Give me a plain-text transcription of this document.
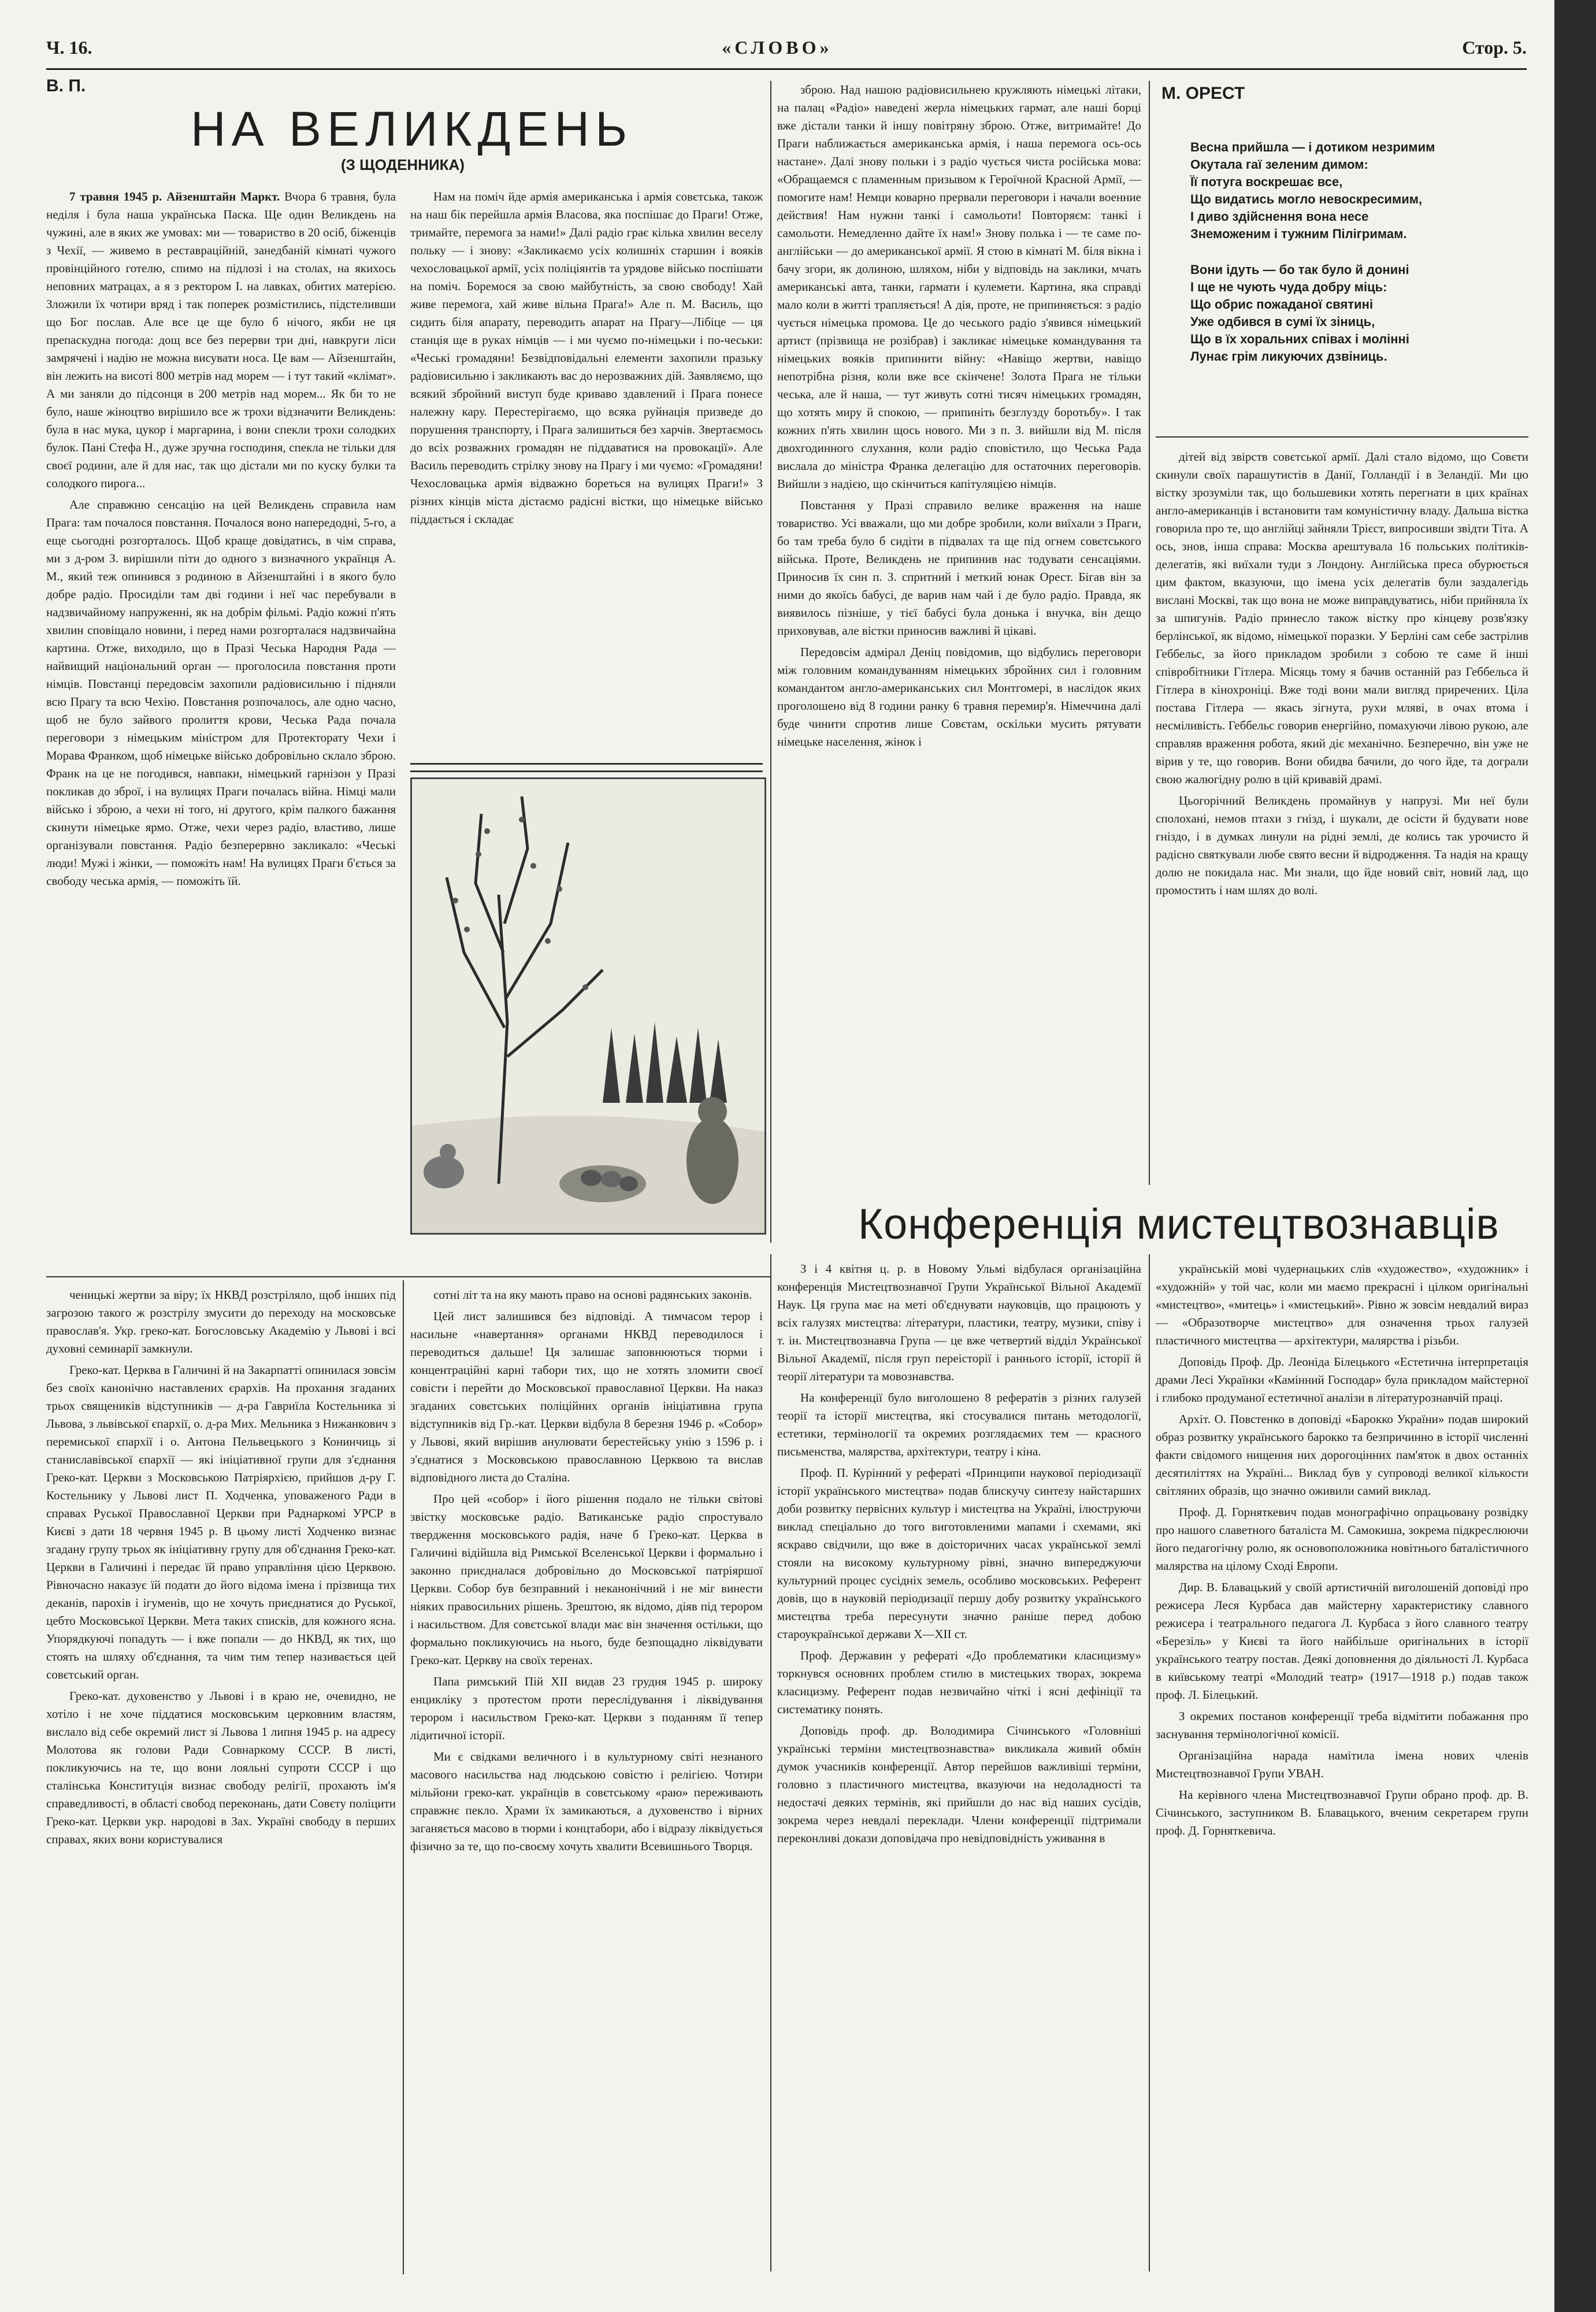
Ч. 16.	«СЛОВО»	Стор. 5.
В. П.
НА ВЕЛИКДЕНЬ
(З ЩОДЕННИКА)

7 травня 1945 р. Айзенштайн Маркт. Вчора 6 травня, була неділя і була наша українська Паска. Ще один Великдень на чужині, але в яких же умовах: ми — товариство в 20 осіб, біженців з Чехії, — живемо в реставраційній, занедбаній кімнаті чужого провінційного готелю, спимо на підлозі і на столах, на якихось неповних матрацах, а я з ректором І. на лавках, обитих матерією. Зложили їх чотири вряд і так поперек розмістились, підстеливши що Бог послав. Але все це ще було б нічого, якби не ця препаскудна погода: дощ все без перерви три дні, навкруги ліси замрячені і надію не можна висувати носа. Це вам — Айзенштайн, він лежить на висоті 800 метрів над морем — і тут такий «клімат». А ми заняли до підсонця в 200 метрів над морем... Як би то не було, наше жіноцтво вирішило все ж трохи відзначити Великдень: була в нас мука, цукор і маргарина, і вони спекли трохи солодких булок. Пані Стефа Н., дуже зручна господиня, спекла не тільки для своєї родини, але й для нас, так що дістали ми по куску булки та солодкого пирога...

Але справжню сенсацію на цей Великдень справила нам Прага: там почалося повстання. Почалося воно напередодні, 5-го, а еще сьогодні розгорталось. Щоб краще довідатись, в чім справа, ми з д-ром З. вирішили піти до одного з визначного українця А. М., який теж опинився з родиною в Айзенштайні і в якого було добре радіо. Просиділи там дві години і неї час перебували в надзвичайному напруженні, як на добрім фільмі. Радіо кожні п'ять хвилин сповіщало новини, і перед нами розгорталася надзвичайна картина. Отже, виходило, що в Празі Чеська Народня Рада — найвищий національний орган — проголосила повстання проти німців. Повстанці передовсім захопили радіовисильню і підняли всю Прагу та всю Чехію. Повстання розпочалось, але одно часно, щоб не було зайвого пролиття крови, Чеська Рада почала переговори з німецьким міністром для Протекторату Чехи і Морава Франком, щоб німецьке військо добровільно склало зброю. Франк на це не погодився, навпаки, німецький гарнізон у Празі покликав до зброї, і на вулицях Праги почалась війна. Німці мали військо і зброю, а чехи ні того, ні другого, крім палкого бажання скинути німецьке ярмо. Отже, чехи через радіо, властиво, лише організували повстання. Радіо безперервно закликало: «Чеські люди! Мужі і жінки, — поможіть нам! На вулицях Праги б'ється за свободу чеська армія, — поможіть їй.

Нам на поміч йде армія американська і армія совєтська, також на наш бік перейшла армія Власова, яка поспішає до Праги! Отже, тримайте, перемога за нами!» Далі радіо грає кілька хвилин веселу польку — і знову: «Закликаємо усіх колишніх старшин і вояків чехословацької армії, усіх поліціянтів та урядове військо поспішати на поміч. Боремося за свою майбутність, за свою свободу! Хай живе перемога, хай живе вільна Прага!» Але п. М. Василь, що сидить біля апарату, переводить апарат на Прагу—Лібіце — ця станція ще в руках німців — і ми чуємо по-німецьки і по-чеськи: «Чеські громадяни! Безвідповідальні елементи захопили празьку радіовисильню і закликають вас до нерозважних дій. Заявляємо, що всякий збройний виступ буде криваво здавлений і Прага понесе належну кару. Перестерігаємо, що всяка руйнація призведе до порушення транспорту, і Прага залишиться без харчів. Звертаємось до всіх розважних громадян не піддаватися на провокації». Але Василь переводить стрілку знову на Прагу і ми чуємо: «Громадяни! Чехословацька армія відважно бореться на вулицях Праги!» З різних кінців міста дістаємо радісні вістки, що німецьке військо піддається і складає

зброю. Над нашою радіовисильнею кружляють німецькі літаки, на палац «Радіо» наведені жерла німецьких гармат, але наші борці вже дістали танки й іншу повітряну зброю. Отже, витримайте! До Праги наближається американська армія, і наша перемога ось-ось настане». Далі знову польки і з радіо чується чиста російська мова: «Обращаемся с пламенным призывом к Героїчной Красной Армії, — помогите нам! Немци коварно прервали переговори і начали военние действия! Нам нужни танкі і самольоти! Повторяєм: танкі і самольоти. Немедленно дайте їх нам!» Знову полька і — те саме по-англійськи — до американської армії. Я стою в кімнаті М. біля вікна і бачу згори, як долиною, шляхом, ніби у відповідь на заклики, мчать американські авта, танки, гармати і кулемети. Картина, яка справді мало коли в житті трапляється! А дія, проте, не припиняється: з радіо чується німецька промова. Це до чеського радіо з'явився німецький артист (прізвища не розібрав) і закликає німецьке командування та німецьких вояків припинити війну: «Навіщо жертви, навіщо непотрібна різня, коли вже все скінчене! Золота Прага не тільки чеська, але й наша, — тут живуть сотні тисяч німецьких громадян, що хотять миру й спокою, — припиніть безглузду боротьбу». І так кожних п'ять хвилин щось нового. Ми з п. З. вийшли від М. після двохгодинного слухання, коли радіо сповістило, що Чеська Рада вислала до міністра Франка делегацію для остаточних переговорів. Вийшли з надією, що скінчиться капітуляцією німців.

Повстання у Празі справило велике враження на наше товариство. Усі вважали, що ми добре зробили, коли виїхали з Праги, бо там треба було б сидіти в підвалах та ще під огнем совєтського війська. Проте, Великдень не припинив нас тодувати сенсаціями. Приносив їх син п. З. спритний і меткий юнак Орест. Бігав він за ними до якоїсь бабусі, де варив нам чай і де було радіо. Правда, як виявилось пізніше, у тієї бабусі була донька і внучка, він дещо приховував, але вістки приносив важливі й цікаві.

Передовсім адмірал Деніц повідомив, що відбулись переговори між головним командуванням німецьких збройних сил і головним командантом англо-американських сил Монтгомері, в наслідок яких проголошено від 8 години ранку 6 травня перемир'я. Німеччина далі буде чинити спротив лише Совєтам, оскільки мусить рятувати німецьке населення, жінок і

М. ОРЕСТ
Весна прийшла — і дотиком незримим
Окутала гаї зеленим димом:
Її потуга воскрешає все,
Що видатись могло невоскресимим,
І диво здійснення вона несе
Знеможеним і тужним Пілігримам.
Вони ідуть — бо так було й донині
І ще не чують чуда добру міць:
Що обрис пожаданої святині
Уже одбився в сумі їх зіниць,
Що в їх хоральних співах і молінні
Лунає грім ликуючих дзвіниць.

дітей від звірств совєтської армії. Далі стало відомо, що Совєти скинули своїх парашутистів в Данії, Голландії і в Зеландії. Ми цю вістку зрозуміли так, що большевики хотять перегнати в цих країнах англо-американців і встановити там комуністичну владу. Дальша вістка говорила про те, що англійці зайняли Трієст, випросивши звідти Тіта. А ось, знов, інша справа: Москва арештувала 16 польських політиків-делегатів, які виїхали туди з Лондону. Англійська преса обурюється цим фактом, вказуючи, що імена усіх делегатів були заздалегідь вислані Москві, так що вона не може виправдуватись, ніби прийняла їх за шпигунів. Радіо принесло також вістку про кінцеву розв'язку берлінської, як відомо, німецької поразки. У Берліні сам себе застрілив Геббельс, за його прикладом зробили з собою те саме й інші співробітники Гітлера. Місяць тому я бачив останній раз Геббельса й Гітлера в кінохроніці. Вже тоді вони мали вигляд приречених. Ціла постава Гітлера — якась зігнута, рухи мляві, в очах втома і несміливість. Геббельс говорив енергійно, помахуючи лівою рукою, але справляв враження робота, який діє механічно. Безперечно, він уже не вірив у те, що говорив. Вони обидва бачили, до чого йде, та дограли свою жалюгідну ролю в цій кривавій драмі.

Цьогорічний Великдень промайнув у напрузі. Ми неї були сполохані, немов птахи з гнізд, і шукали, де осісти й будувати нове гніздо, і в думках линули на рідні землі, де колись так урочисто й радісно святкували любе свято весни й відродження. Та надія на кращу долю не покидала нас. Ми знали, що йде новий світ, новий лад, що промостить і нам шлях до волі.

ченицькі жертви за віру; їх НКВД розстріляло, щоб інших під загрозою такого ж розстрілу змусити до переходу на московське православ'я. Укр. греко-кат. Богословську Академію у Львові і всі духовні семинарії замкнули.

Греко-кат. Церква в Галичині й на Закарпатті опинилася зовсім без своїх канонічно наставлених єрархів. На прохання згаданих трьох священиків відступників — д-ра Гавриїла Костельника зі Львова, з львівської єпархії, о. д-ра Мих. Мельника з Нижанкович з перемиської єпархії і о. Антона Пельвецького з Конинчиць зі станиславівської єпархії — які ініціативної групи для з'єднання Греко-кат. Церкви з Московською Патріярхією, прийшов д-ру Г. Костельнику у Львові лист П. Ходченка, уповаженого Ради в справах Руської Православної Церкви при Раднаркомі УРСР в Києві з дати 18 червня 1945 р. В цьому листі Ходченко визнає згадану групу трьох як ініціативну групу для об'єднання Греко-кат. Церкви в Галичині і передає їй право управління цією Церквою. Рівночасно наказує їй подати до його відома імена і прізвища тих деканів, парохів і ігуменів, що не хочуть приєднатися до Руської, цебто Московської Церкви. Мета таких списків, для кожного ясна. Упорядкуючі попадуть — і вже попали — до НКВД, як тих, що стоять на шляху об'єднання, та чим тим тепер називається цей совєтський орган.

Греко-кат. духовенство у Львові і в краю не, очевидно, не хотіло і не хоче піддатися московським церковним властям, вислало від себе окремий лист зі Львова 1 липня 1945 р. на адресу Молотова як голови Ради Совнаркому СССР. В листі, покликуючись на те, що вони лояльні супроти СССР і що сталінська Конституція визнає свободу релігії, прохають ім'я справедливості, в області свобод переконань, дати Совєту поліцити Греко-кат. Церкви укр. народові в Зах. Україні свободу в перших справах, яких вони користувалися

сотні літ та на яку мають право на основі радянських законів.

Цей лист залишився без відповіді. А тимчасом терор і насильне «навертання» органами НКВД переводилося і переводиться дальше! Ця залишає заповнюються тюрми і концентраційні карні табори тих, що не хотять зломити своєї совісти і перейти до Московської православної Церкви. На наказ згаданих совєтських поліційних органів ініціативна група відступників від Гр.-кат. Церкви відбула 8 березня 1946 р. «Собор» у Львові, який вирішив анулювати берестейську унію з 1596 р. і з'єднатися з Московською православною Церквою та вислав відповідного листа до Сталіна.

Про цей «собор» і його рішення подало не тільки світові звістку московське радіо. Ватиканське радіо спростувало твердження московського радія, наче б Греко-кат. Церква в Галичині відійшла від Римської Вселенської Церкви і формально і законно приєдналася добровільно до Московської патріяршої Церкви. Собор був безправний і неканонічний і не міг винести ніяких правосильних рішень. Зрештою, як відомо, діяв під терором і насильством. Для совєтської влади має він значення остільки, що формально покликуючись на нього, буде безпощадно ліквідувати Греко-кат. Церкву на своїх теренах.

Папа римський Пій XII видав 23 грудня 1945 р. широку енцикліку з протестом проти переслідування і ліквідування терором і насильством Греко-кат. Церкви з поданням її тепер лідитичної історії.

Ми є свідками величного і в культурному світі незнаного масового насильства над людською совістю і релігією. Чотири мільйони греко-кат. українців в совєтському «раю» переживають справжнє пекло. Храми їх замикаються, а духовенство і вірних заганяється масово в тюрми і концтабори, або і відразу ліквідується фізично за те, що по-своєму хочуть хвалити Всевишнього Творця.

Конференція мистецтвознавців

З і 4 квітня ц. р. в Новому Ульмі відбулася організаційна конференція Мистецтвознавчої Групи Української Вільної Академії Наук. Ця група має на меті об'єднувати науковців, що працюють у всіх галузях мистецтва: літератури, пластики, театру, музики, співу і т. ін. Мистецтвознавча Група — це вже четвертий відділ Української Вільної Академії, після груп переісторії і раннього історії, історії й теорії літератури та мовознавства.

На конференції було виголошено 8 рефератів з різних галузей теорії та історії мистецтва, які стосувалися питань методології, естетики, термінології та окремих розглядаємих тем — красного письменства, малярства, архітектури, театру і кіна.

Проф. П. Курінний у рефераті «Принципи наукової періодизації історії українського мистецтва» подав блискучу синтезу найстарших доби розвитку первісних культур і мистецтва на Україні, ілюструючи виклад спеціально до того виготовленими мапами і схемами, які яскраво свідчили, що вже в доісторичних часах української землі стояли на високому культурному рівні, значно випереджуючи культурний процес сусідніх земель, особливо московських. Референт довів, що в науковій періодизації першу добу розвитку українського мистецтва треба пересунути значно раніше перед добою староукраїнської держави X—XII ст.

Проф. Державин у рефераті «До проблематики класицизму» торкнувся основних проблем стилю в мистецьких творах, зокрема класицизму. Референт подав незвичайно чіткі і ясні дефініції та систематику понять.

Доповідь проф. др. Володимира Січинського «Головніші українські терміни мистецтвознавства» викликала живий обмін думок учасників конференції. Автор перейшов важливіші терміни, головно з пластичного мистецтва, вказуючи на недоладності та недостачі деяких термінів, які прийшли до нас від наших сусідів, зокрема через невдалі переклади. Члени конференції підтримали переконливі докази доповідача про невідповідність уживання в

українській мові чудернацьких слів «художество», «художник» і «художній» у той час, коли ми маємо прекрасні і цілком оригінальні «мистецтво», «митець» і «мистецький». Рівно ж зовсім невдалий вираз — «Образотворче мистецтво» для означення трьох галузей пластичного мистецтва — архітектури, малярства і різьби.

Доповідь Проф. Др. Леоніда Білецького «Естетична інтерпретація драми Лесі Українки «Камінний Господар» була прикладом майстерної і глибоко продуманої естетичної аналізи в літературознавчій праці.

Архіт. О. Повстенко в доповіді «Барокко України» подав широкий образ розвитку українського барокко та безпричинно в історії численні факти свідомого нищення них дорогоцінних пам'яток в двох останніх десятиліттях на Україні... Виклад був у супроводі великої кількости світляних образів, що значно оживили самий виклад.

Проф. Д. Горняткевич подав монографічно опрацьовану розвідку про нашого славетного баталіста М. Самокиша, зокрема підкреслюючи його педагогічну ролю, як основоположника новітнього баталістичного малярства на цілому Сході Европи.

Дир. В. Блавацький у своїй артистичній виголошеній доповіді про режисера Леся Курбаса дав майстерну характеристику славного режисера і театрального педагога Л. Курбаса з його славного театру «Березіль» у Києві та його найбільше оригінальних в історії українського театру постав. Деякі доповнення до діяльності Л. Курбаса в київському театрі «Молодий театр» (1917—1918 р.) подав також проф. Л. Білецький.

З окремих постанов конференції треба відмітити побажання про заснування термінологічної комісії.

Організаційна нарада намітила імена нових членів Мистецтвознавчої Групи УВАН.

На керівного члена Мистецтвознавчої Групи обрано проф. др. В. Січинського, заступником В. Блавацького, вченим секретарем групи проф. Д. Горняткевича.
